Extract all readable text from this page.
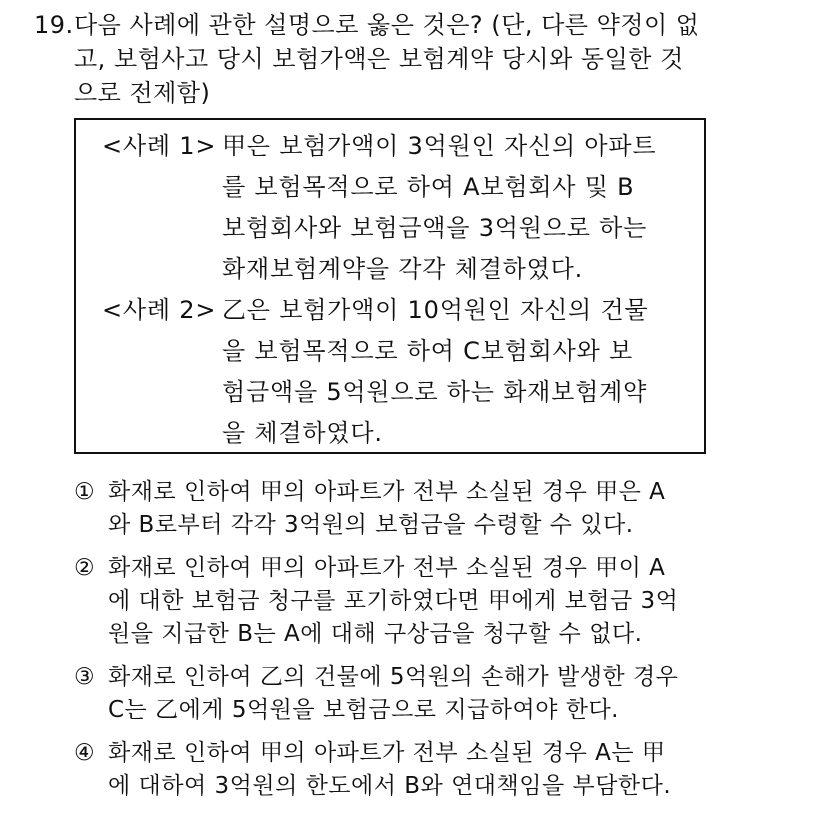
19. 다음 사례에 관한 설명으로 옳은 것은? (단, 다른 약정이 없
고, 보험사고 당시 보험가액은 보험계약 당시와 동일한 것
으로 전제함)
<사례 1> 甲은 보험가액이 3억원인 자신의 아파트
를 보험목적으로 하여 A보험회사 및 B
보험회사와 보험금액을 3억원으로 하는
화재보험계약을 각각 체결하였다.
<사례 2> 乙은 보험가액이 10억원인 자신의 건물
을 보험목적으로 하여 C보험회사와 보
험금액을 5억원으로 하는 화재보험계약
을 체결하였다.
① 화재로 인하여 甲의 아파트가 전부 소실된 경우 甲은 A
와 B로부터 각각 3억원의 보험금을 수령할 수 있다.
② 화재로 인하여 甲의 아파트가 전부 소실된 경우 甲이 A
에 대한 보험금 청구를 포기하였다면 甲에게 보험금 3억
원을 지급한 B는 A에 대해 구상금을 청구할 수 없다.
③ 화재로 인하여 乙의 건물에 5억원의 손해가 발생한 경우
C는 乙에게 5억원을 보험금으로 지급하여야 한다.
④ 화재로 인하여 甲의 아파트가 전부 소실된 경우 A는 甲
에 대하여 3억원의 한도에서 B와 연대책임을 부담한다.
